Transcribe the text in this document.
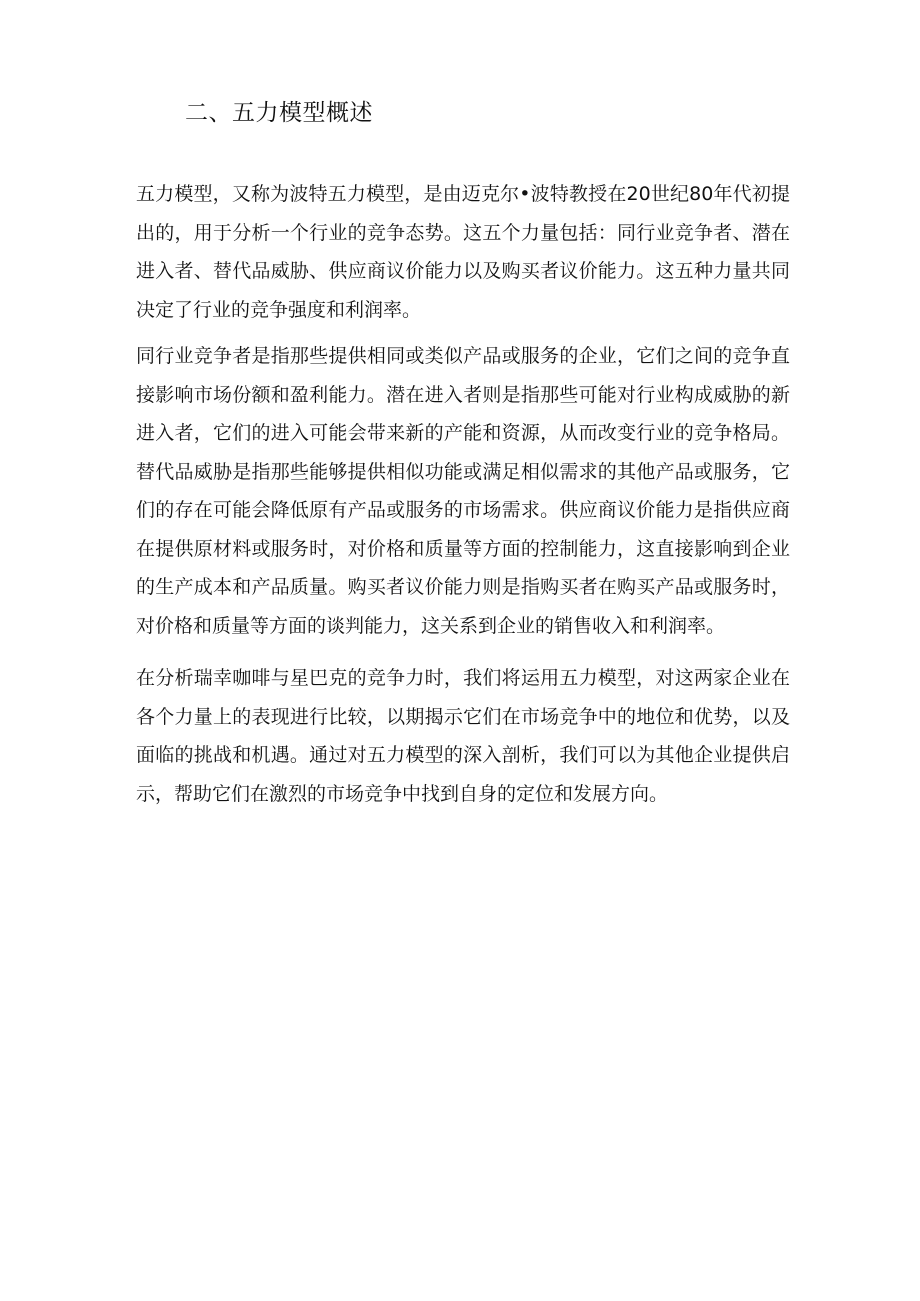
二、五力模型概述

五力模型，又称为波特五力模型，是由迈克尔•波特教授在20世纪80年代初提出的，用于分析一个行业的竞争态势。这五个力量包括：同行业竞争者、潜在进入者、替代品威胁、供应商议价能力以及购买者议价能力。这五种力量共同决定了行业的竞争强度和利润率。

同行业竞争者是指那些提供相同或类似产品或服务的企业，它们之间的竞争直接影响市场份额和盈利能力。潜在进入者则是指那些可能对行业构成威胁的新进入者，它们的进入可能会带来新的产能和资源，从而改变行业的竞争格局。替代品威胁是指那些能够提供相似功能或满足相似需求的其他产品或服务，它们的存在可能会降低原有产品或服务的市场需求。供应商议价能力是指供应商在提供原材料或服务时，对价格和质量等方面的控制能力，这直接影响到企业的生产成本和产品质量。购买者议价能力则是指购买者在购买产品或服务时，对价格和质量等方面的谈判能力，这关系到企业的销售收入和利润率。

在分析瑞幸咖啡与星巴克的竞争力时，我们将运用五力模型，对这两家企业在各个力量上的表现进行比较，以期揭示它们在市场竞争中的地位和优势，以及面临的挑战和机遇。通过对五力模型的深入剖析，我们可以为其他企业提供启示，帮助它们在激烈的市场竞争中找到自身的定位和发展方向。
